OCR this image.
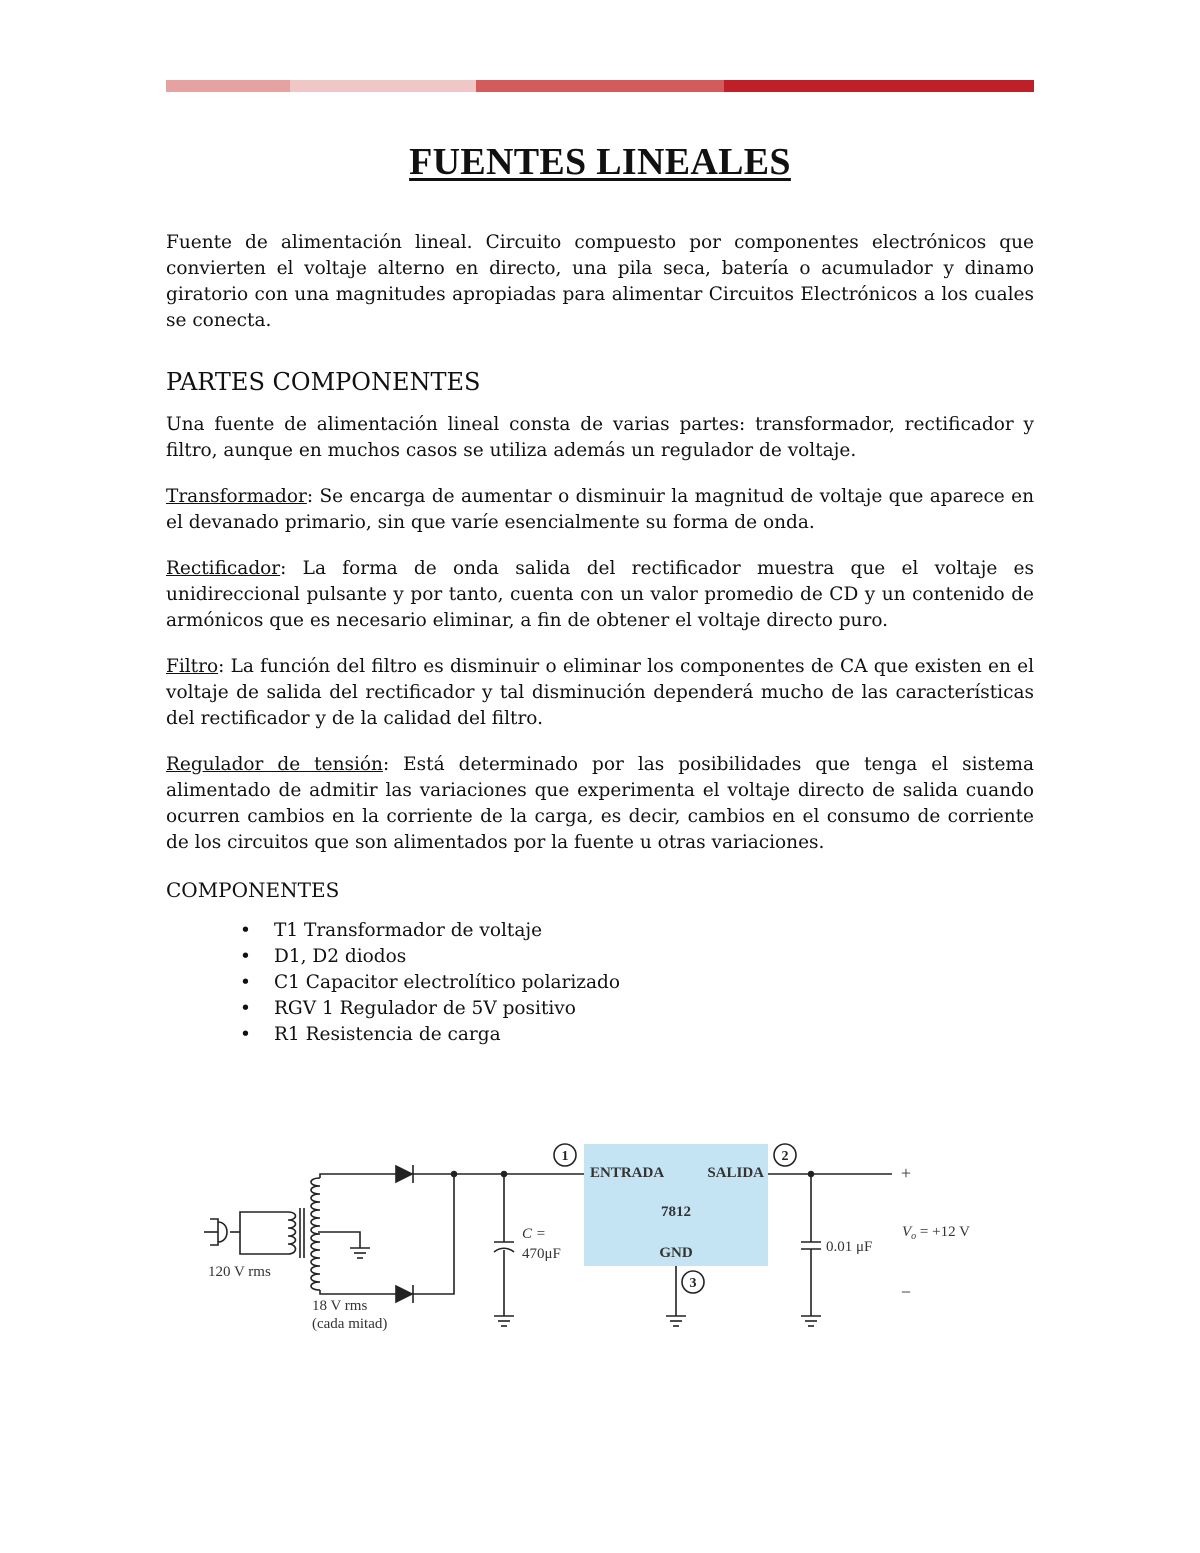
FUENTES LINEALES

Fuente de alimentación lineal. Circuito compuesto por componentes electrónicos que convierten el voltaje alterno en directo, una pila seca, batería o acumulador y dinamo giratorio con una magnitudes apropiadas para alimentar Circuitos Electrónicos a los cuales se conecta.

PARTES COMPONENTES

Una fuente de alimentación lineal consta de varias partes: transformador, rectificador y filtro, aunque en muchos casos se utiliza además un regulador de voltaje.

Transformador: Se encarga de aumentar o disminuir la magnitud de voltaje que aparece en el devanado primario, sin que varíe esencialmente su forma de onda.

Rectificador: La forma de onda salida del rectificador muestra que el voltaje es unidireccional pulsante y por tanto, cuenta con un valor promedio de CD y un contenido de armónicos que es necesario eliminar, a fin de obtener el voltaje directo puro.

Filtro: La función del filtro es disminuir o eliminar los componentes de CA que existen en el voltaje de salida del rectificador y tal disminución dependerá mucho de las características del rectificador y de la calidad del filtro.

Regulador de tensión: Está determinado por las posibilidades que tenga el sistema alimentado de admitir las variaciones que experimenta el voltaje directo de salida cuando ocurren cambios en la corriente de la carga, es decir, cambios en el consumo de corriente de los circuitos que son alimentados por la fuente u otras variaciones.

COMPONENTES
• T1 Transformador de voltaje
• D1, D2 diodos
• C1 Capacitor electrolítico polarizado
• RGV 1 Regulador de 5V positivo
• R1 Resistencia de carga
120 V rms
18 V rms
(cada mitad)
C =
470μF
1
ENTRADA	SALIDA
7812
GND
3
2
0.01 μF
+
−
$V_o = +12$ V
